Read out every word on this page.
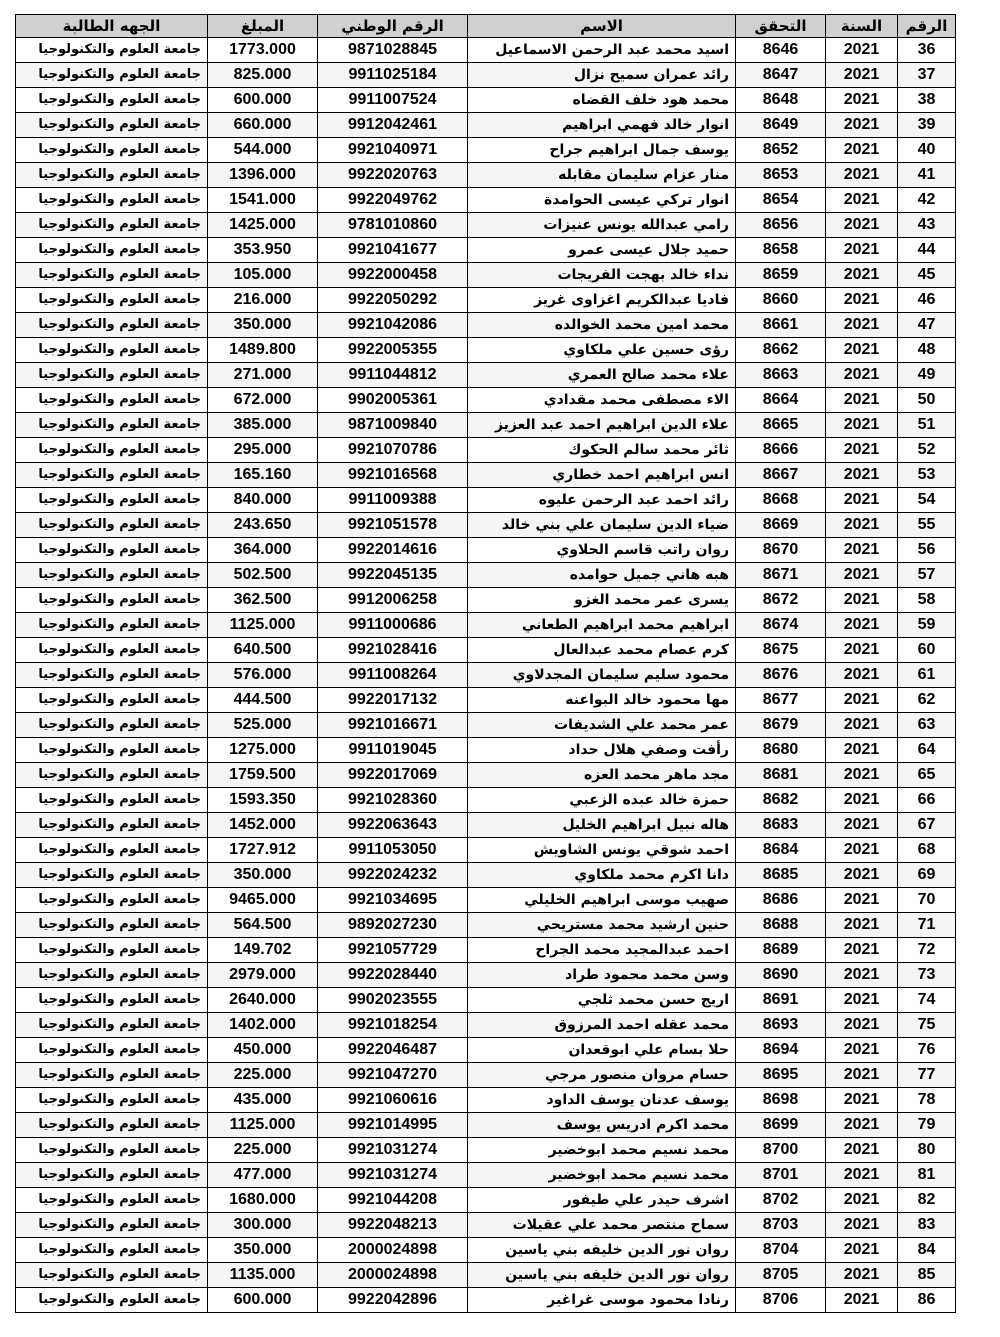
الرقم	السنة	التحقق	الاسم	الرقم الوطني	المبلغ	الجهه الطالبة
36	2021	8646	اسيد محمد عبد الرحمن الاسماعيل	9871028845	1773.000	جامعة العلوم والتكنولوجيا
37	2021	8647	رائد عمران سميح نزال	9911025184	825.000	جامعة العلوم والتكنولوجيا
38	2021	8648	محمد هود خلف القضاه	9911007524	600.000	جامعة العلوم والتكنولوجيا
39	2021	8649	انوار خالد فهمي ابراهيم	9912042461	660.000	جامعة العلوم والتكنولوجيا
40	2021	8652	يوسف جمال ابراهيم جراح	9921040971	544.000	جامعة العلوم والتكنولوجيا
41	2021	8653	منار عزام سليمان مقابله	9922020763	1396.000	جامعة العلوم والتكنولوجيا
42	2021	8654	انوار تركي عيسى الحوامدة	9922049762	1541.000	جامعة العلوم والتكنولوجيا
43	2021	8656	رامي عبدالله يونس عنيزات	9781010860	1425.000	جامعة العلوم والتكنولوجيا
44	2021	8658	حميد جلال عيسى عمرو	9921041677	353.950	جامعة العلوم والتكنولوجيا
45	2021	8659	نداء خالد بهجت الفريجات	9922000458	105.000	جامعة العلوم والتكنولوجيا
46	2021	8660	فاديا عبدالكريم اغزاوى غريز	9922050292	216.000	جامعة العلوم والتكنولوجيا
47	2021	8661	محمد امين محمد الخوالده	9921042086	350.000	جامعة العلوم والتكنولوجيا
48	2021	8662	رؤى حسين علي ملكاوي	9922005355	1489.800	جامعة العلوم والتكنولوجيا
49	2021	8663	علاء محمد صالح العمري	9911044812	271.000	جامعة العلوم والتكنولوجيا
50	2021	8664	الاء مصطفى محمد مقدادي	9902005361	672.000	جامعة العلوم والتكنولوجيا
51	2021	8665	علاء الدين ابراهيم احمد عبد العزيز	9871009840	385.000	جامعة العلوم والتكنولوجيا
52	2021	8666	ثائر محمد سالم الحكوك	9921070786	295.000	جامعة العلوم والتكنولوجيا
53	2021	8667	انس ابراهيم احمد خطاري	9921016568	165.160	جامعة العلوم والتكنولوجيا
54	2021	8668	رائد احمد عبد الرحمن عليوه	9911009388	840.000	جامعة العلوم والتكنولوجيا
55	2021	8669	ضياء الدين سليمان علي بني خالد	9921051578	243.650	جامعة العلوم والتكنولوجيا
56	2021	8670	روان راتب قاسم الحلاوي	9922014616	364.000	جامعة العلوم والتكنولوجيا
57	2021	8671	هبه هاني جميل حوامده	9922045135	502.500	جامعة العلوم والتكنولوجيا
58	2021	8672	يسرى عمر محمد الغزو	9912006258	362.500	جامعة العلوم والتكنولوجيا
59	2021	8674	ابراهيم محمد ابراهيم الطعاني	9911000686	1125.000	جامعة العلوم والتكنولوجيا
60	2021	8675	كرم عصام محمد عبدالعال	9921028416	640.500	جامعة العلوم والتكنولوجيا
61	2021	8676	محمود سليم سليمان المجدلاوي	9911008264	576.000	جامعة العلوم والتكنولوجيا
62	2021	8677	مها محمود خالد البواعنه	9922017132	444.500	جامعة العلوم والتكنولوجيا
63	2021	8679	عمر محمد علي الشديفات	9921016671	525.000	جامعة العلوم والتكنولوجيا
64	2021	8680	رأفت وصفي هلال حداد	9911019045	1275.000	جامعة العلوم والتكنولوجيا
65	2021	8681	مجد ماهر محمد العزه	9922017069	1759.500	جامعة العلوم والتكنولوجيا
66	2021	8682	حمزة خالد عبده الزعبي	9921028360	1593.350	جامعة العلوم والتكنولوجيا
67	2021	8683	هاله نبيل ابراهيم الخليل	9922063643	1452.000	جامعة العلوم والتكنولوجيا
68	2021	8684	احمد شوقي يونس الشاويش	9911053050	1727.912	جامعة العلوم والتكنولوجيا
69	2021	8685	دانا اكرم محمد ملكاوي	9922024232	350.000	جامعة العلوم والتكنولوجيا
70	2021	8686	صهيب موسى ابراهيم الخليلي	9921034695	9465.000	جامعة العلوم والتكنولوجيا
71	2021	8688	حنين ارشيد محمد مستريحي	9892027230	564.500	جامعة العلوم والتكنولوجيا
72	2021	8689	احمد عبدالمجيد محمد الجراح	9921057729	149.702	جامعة العلوم والتكنولوجيا
73	2021	8690	وسن محمد محمود طراد	9922028440	2979.000	جامعة العلوم والتكنولوجيا
74	2021	8691	اريج حسن محمد ثلجي	9902023555	2640.000	جامعة العلوم والتكنولوجيا
75	2021	8693	محمد عقله احمد المرزوق	9921018254	1402.000	جامعة العلوم والتكنولوجيا
76	2021	8694	حلا بسام علي ابوقعدان	9922046487	450.000	جامعة العلوم والتكنولوجيا
77	2021	8695	حسام مروان منصور مرجي	9921047270	225.000	جامعة العلوم والتكنولوجيا
78	2021	8698	يوسف عدنان يوسف الداود	9921060616	435.000	جامعة العلوم والتكنولوجيا
79	2021	8699	محمد اكرم ادريس يوسف	9921014995	1125.000	جامعة العلوم والتكنولوجيا
80	2021	8700	محمد نسيم محمد ابوخضير	9921031274	225.000	جامعة العلوم والتكنولوجيا
81	2021	8701	محمد نسيم محمد ابوخضير	9921031274	477.000	جامعة العلوم والتكنولوجيا
82	2021	8702	اشرف حيدر علي طيفور	9921044208	1680.000	جامعة العلوم والتكنولوجيا
83	2021	8703	سماح منتصر محمد علي عقيلات	9922048213	300.000	جامعة العلوم والتكنولوجيا
84	2021	8704	روان نور الدين خليفه بني ياسين	2000024898	350.000	جامعة العلوم والتكنولوجيا
85	2021	8705	روان نور الدين خليفه بني ياسين	2000024898	1135.000	جامعة العلوم والتكنولوجيا
86	2021	8706	رنادا محمود موسى غراغير	9922042896	600.000	جامعة العلوم والتكنولوجيا
